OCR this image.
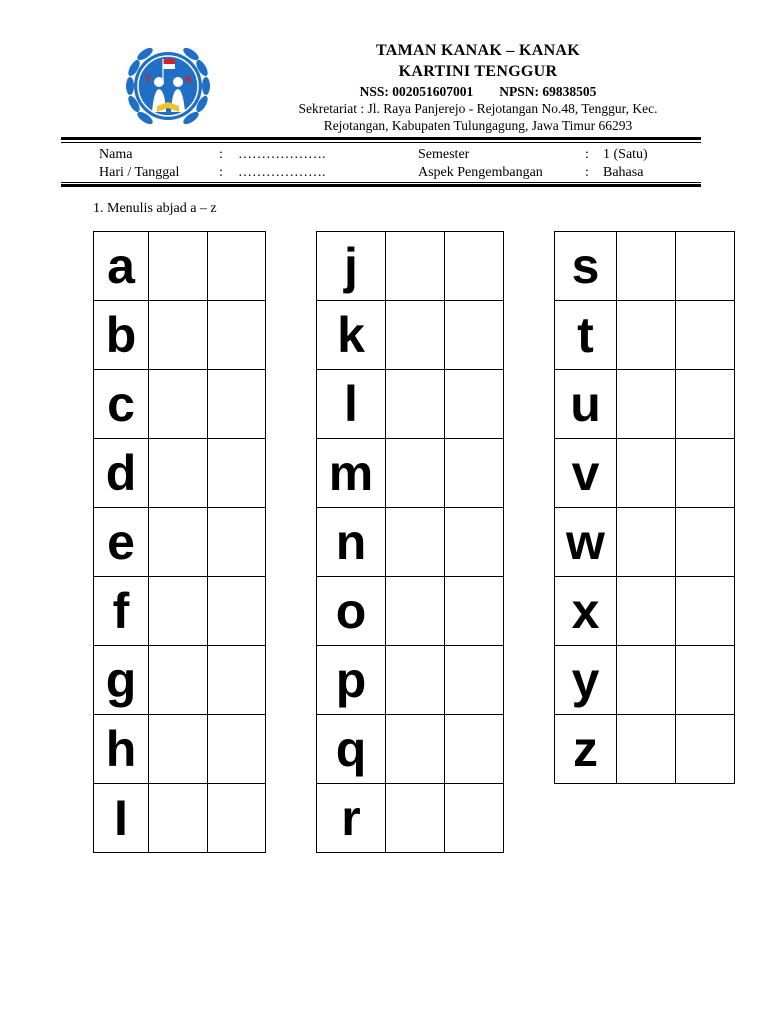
T	K
TAMAN KANAK – KANAK
KARTINI TENGGUR
NSS: 002051607001 NPSN: 69838505
Sekretariat : Jl. Raya Panjerejo - Rejotangan No.48, Tenggur, Kec.
Rejotangan, Kabupaten Tulungagung, Jawa Timur 66293
Nama	: ……………….
Hari / Tanggal	: ……………….
Semester	: 1 (Satu)
Aspek Pengembangan	: Bahasa
1. Menulis abjad a – z
a		
b		
c		
d		
e		
f		
g		
h		
I		
j		
k		
l		
m		
n		
o		
p		
q		
r		
s		
t		
u		
v		
w		
x		
y		
z		
